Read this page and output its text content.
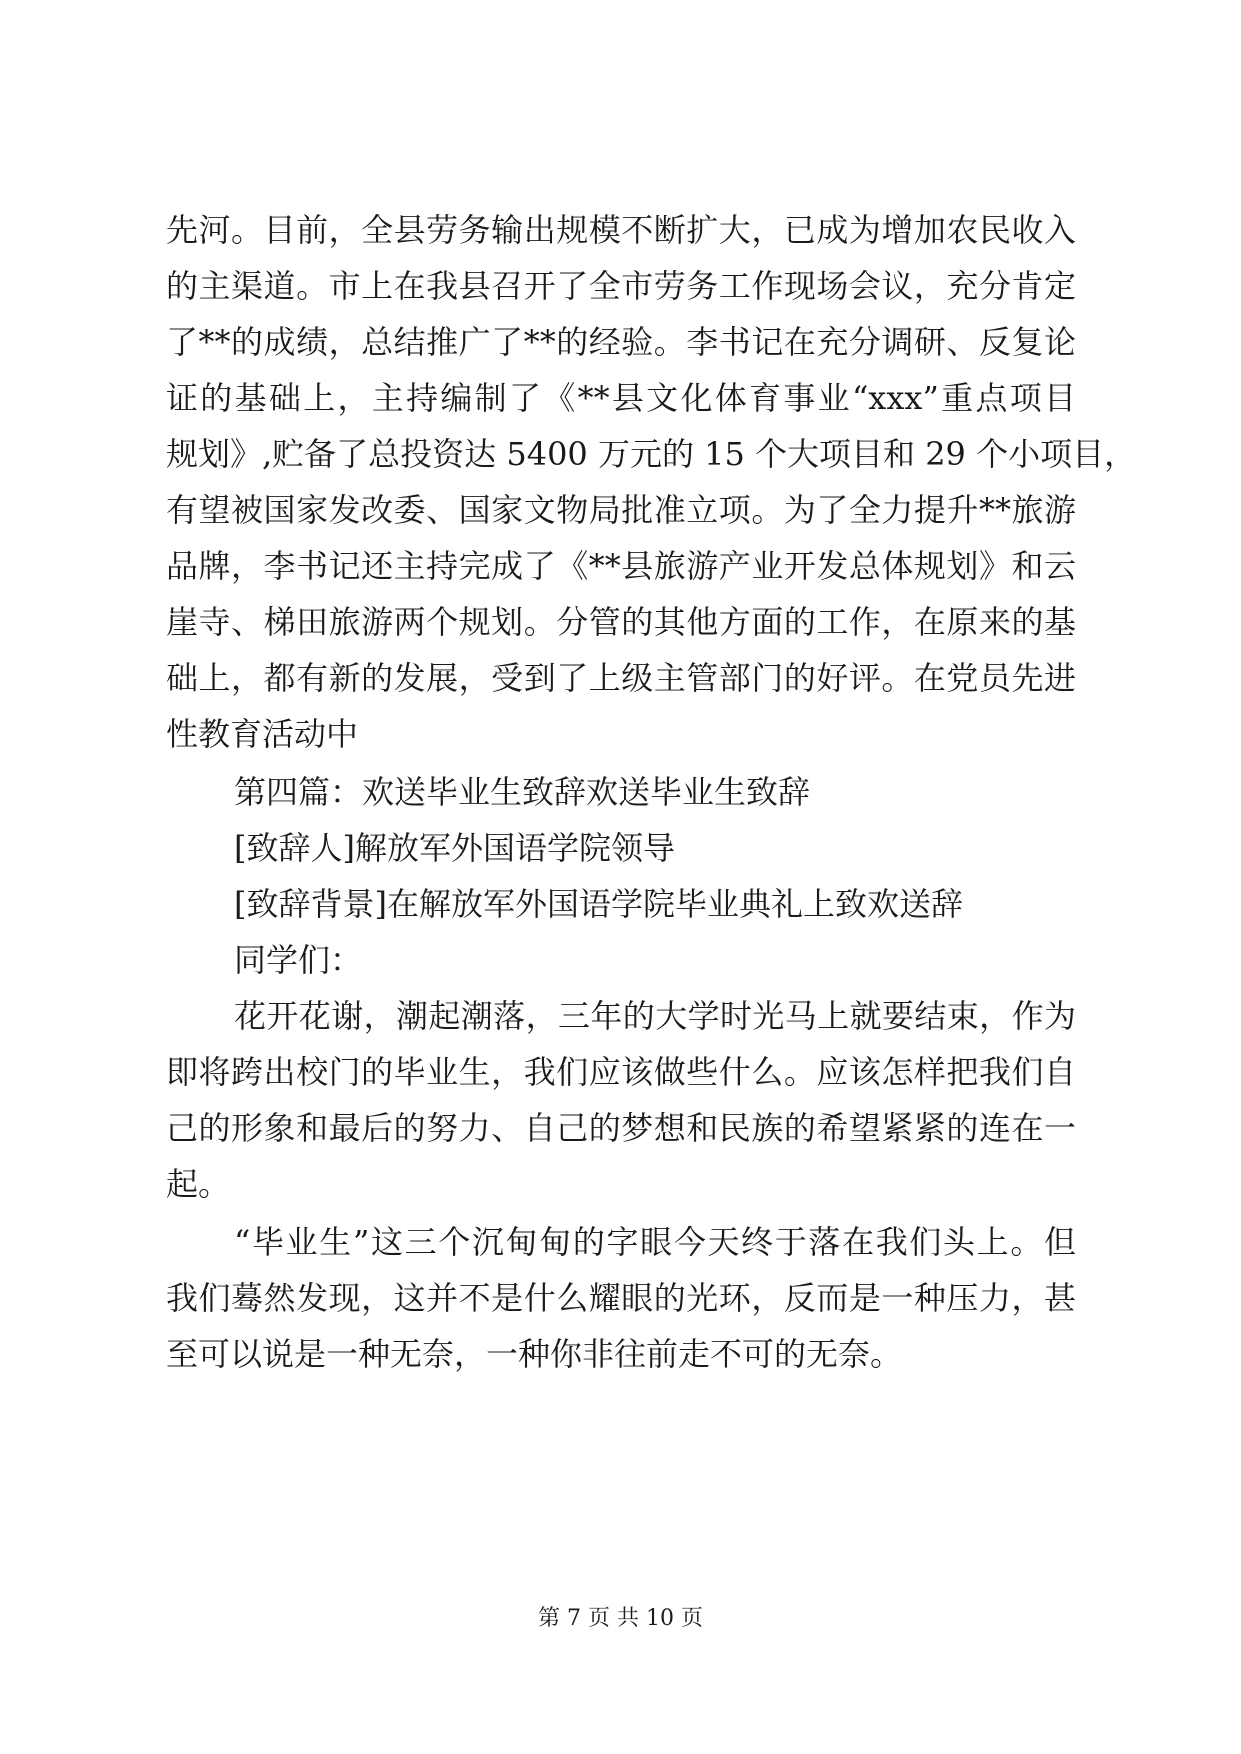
先河。目前，全县劳务输出规模不断扩大，已成为增加农民收入
的主渠道。市上在我县召开了全市劳务工作现场会议，充分肯定
了**的成绩，总结推广了**的经验。李书记在充分调研、反复论
证的基础上，主持编制了《**县文化体育事业“xxx”重点项目
规划》,贮备了总投资达 5400 万元的 15 个大项目和 29 个小项目，
有望被国家发改委、国家文物局批准立项。为了全力提升**旅游
品牌，李书记还主持完成了《**县旅游产业开发总体规划》和云
崖寺、梯田旅游两个规划。分管的其他方面的工作，在原来的基
础上，都有新的发展，受到了上级主管部门的好评。在党员先进
性教育活动中
第四篇：欢送毕业生致辞欢送毕业生致辞
[致辞人]解放军外国语学院领导
[致辞背景]在解放军外国语学院毕业典礼上致欢送辞
同学们：
花开花谢，潮起潮落，三年的大学时光马上就要结束，作为
即将跨出校门的毕业生，我们应该做些什么。应该怎样把我们自
己的形象和最后的努力、自己的梦想和民族的希望紧紧的连在一
起。
“毕业生”这三个沉甸甸的字眼今天终于落在我们头上。但
我们蓦然发现，这并不是什么耀眼的光环，反而是一种压力，甚
至可以说是一种无奈，一种你非往前走不可的无奈。
第 7 页 共 10 页
